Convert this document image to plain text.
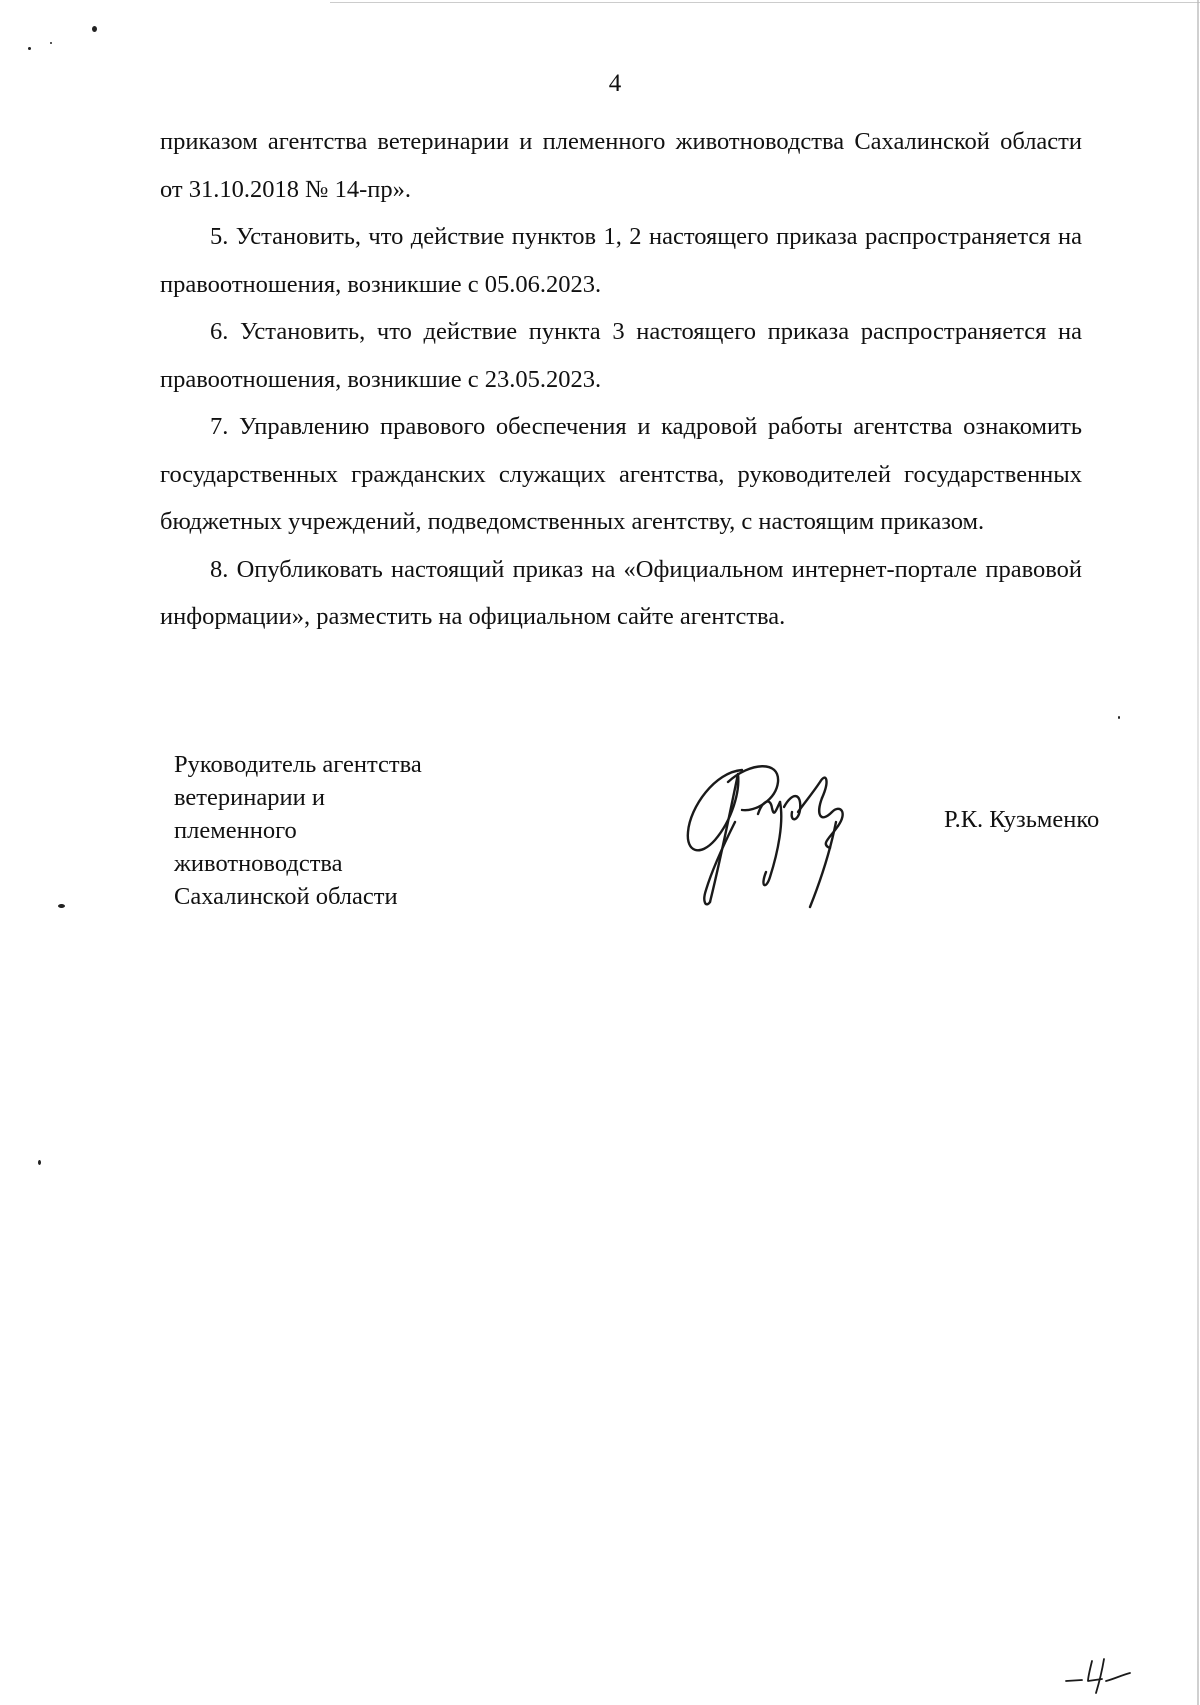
4

приказом агентства ветеринарии и племенного животноводства Сахалинской области от 31.10.2018 № 14-пр».

5. Установить, что действие пунктов 1, 2 настоящего приказа распространяется на правоотношения, возникшие с 05.06.2023.

6. Установить, что действие пункта 3 настоящего приказа распространяется на правоотношения, возникшие с 23.05.2023.

7. Управлению правового обеспечения и кадровой работы агентства ознакомить государственных гражданских служащих агентства, руководителей государственных бюджетных учреждений, подведомственных агентству, с настоящим приказом.

8. Опубликовать настоящий приказ на «Официальном интернет-портале правовой информации», разместить на официальном сайте агентства.

Руководитель агентства
ветеринарии и
племенного
животноводства
Сахалинской области
Р.К. Кузьменко
